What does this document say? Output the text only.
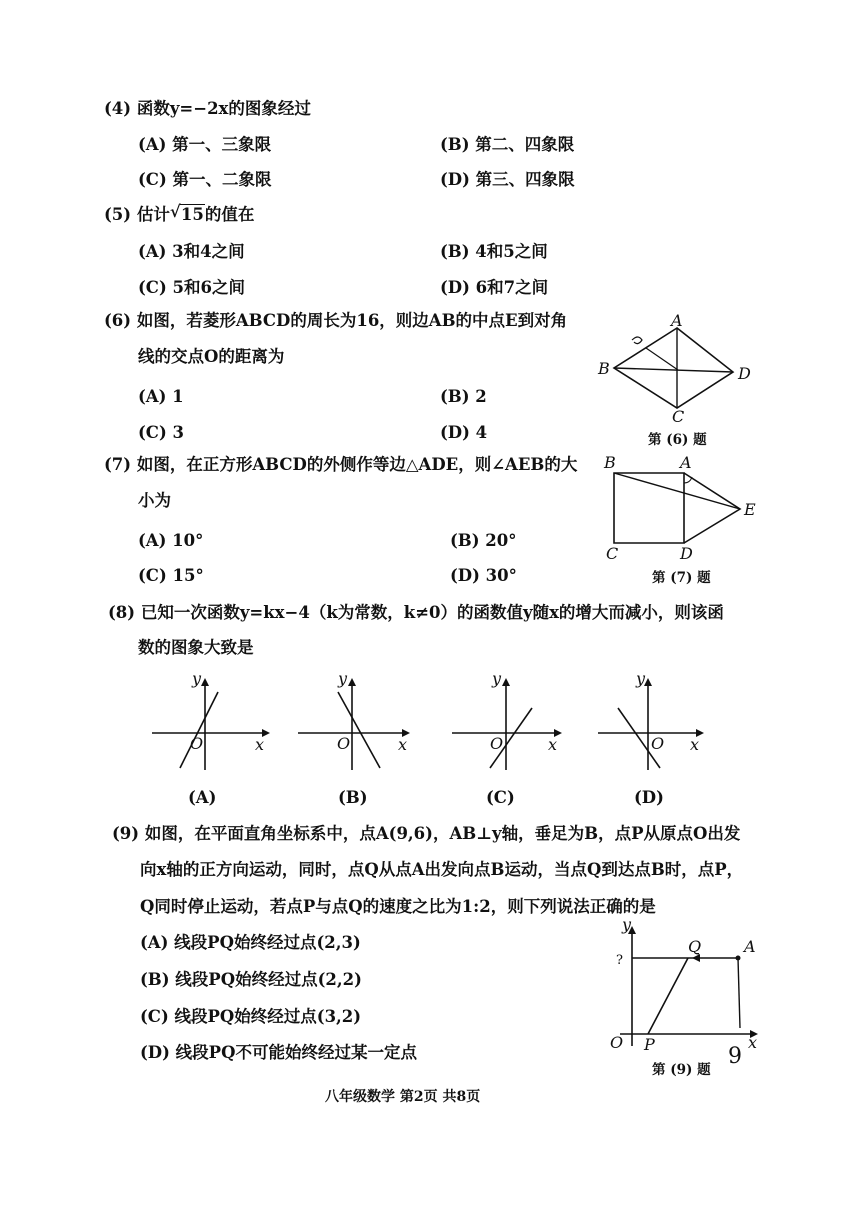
(4) 函数y=−2x的图象经过
(A) 第一、三象限	(B) 第二、四象限
(C) 第一、二象限	(D) 第三、四象限
(5) 估计 √ 15的值在
(A) 3和4之间	(B) 4和5之间
(C) 5和6之间	(D) 6和7之间
(6) 如图，若菱形ABCD的周长为16，则边AB的中点E到对角
线的交点O的距离为
(A) 1	(B) 2
(C) 3	(D) 4
A
B
C
D
第 (6) 题
(7) 如图，在正方形ABCD的外侧作等边△ADE，则∠AEB的大
小为
(A) 10°	(B) 20°
(C) 15°	(D) 30°
A
B
C	D
E
第 (7) 题
(8) 已知一次函数y=kx−4（k为常数，k≠0）的函数值y随x的增大而减小，则该函
数的图象大致是
y
x
O
y
x
O
y
x
O
y
x
O
(A)	(B)	(C)	(D)
(9) 如图，在平面直角坐标系中，点A(9,6)，AB⊥y轴，垂足为B，点P从原点O出发
向x轴的正方向运动，同时，点Q从点A出发向点B运动，当点Q到达点B时，点P，
Q同时停止运动，若点P与点Q的速度之比为1:2，则下列说法正确的是
(A) 线段PQ始终经过点(2,3)
(B) 线段PQ始终经过点(2,2)
(C) 线段PQ始终经过点(3,2)
(D) 线段PQ不可能始终经过某一定点
y
x
O P
Q	A
?
9
第 (9) 题
八年级数学 第2页 共8页
